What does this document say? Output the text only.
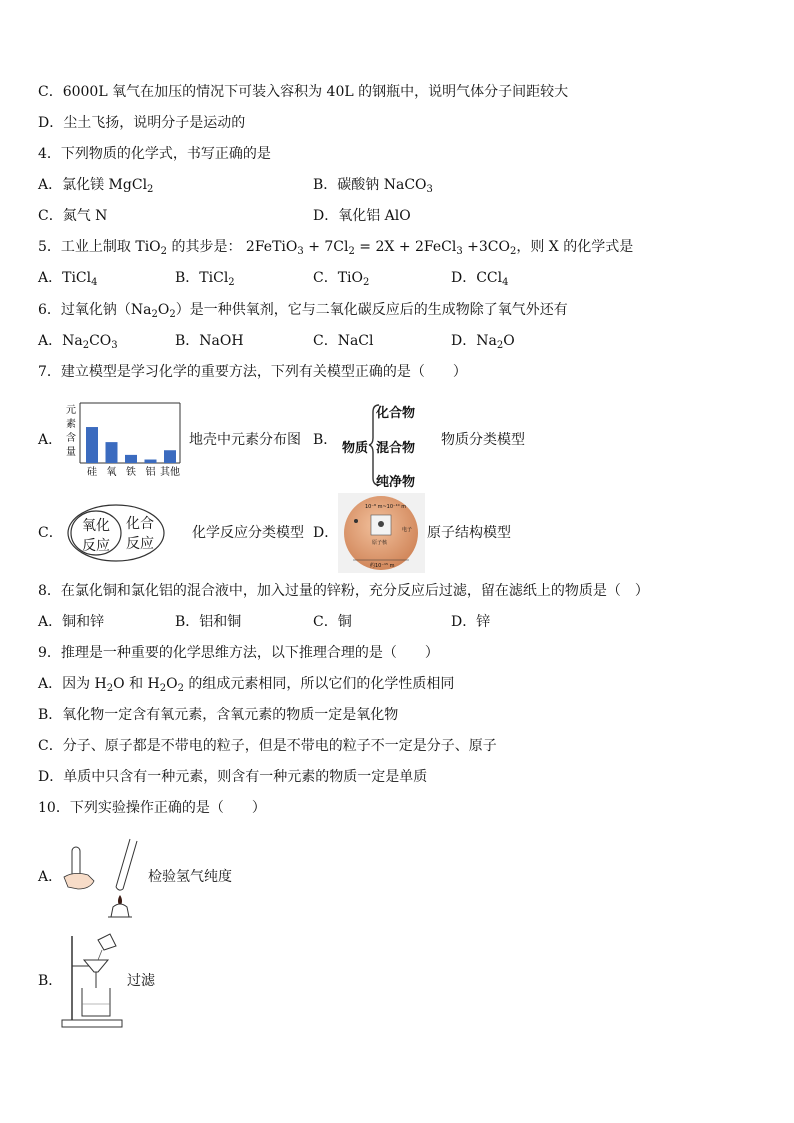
C．6000L 氧气在加压的情况下可装入容积为 40L 的钢瓶中，说明气体分子间距较大
D．尘土飞扬，说明分子是运动的
4．下列物质的化学式，书写正确的是
A．氯化镁 MgCl$_2$	B．碳酸钠 NaCO$_3$
C．氮气 N	D．氧化铝 AlO
5．工业上制取 TiO$_2$ 的其步是： 2FeTiO$_3$ + $7Cl_2 = 2X$ + 2FeCl$_3$ $+3CO_2$，则 X 的化学式是
A．TiCl$_4$	B．TiCl$_2$	C．TiO$_2$	D．CCl$_4$
6．过氧化钠$(Na_2O_2)$是一种供氧剂，它与二氧化碳反应后的生成物除了氧气外还有
A．$Na_2CO_3$	B．NaOH	C．NaCl	D．$Na_2O$
7．建立模型是学习化学的重要方法，下列有关模型正确的是（　　）
A．
元
素
含
量
硅 氧 铁 铝 其他
地壳中元素分布图 B．
物质
化合物
混合物
纯净物
物质分类模型
C． 氧化
反应
化合
反应
化学反应分类模型 D．
10⁻⁸ m~10⁻¹⁰ m
电子
原子核
约10⁻¹⁵ m
原子结构模型
8．在氯化铜和氯化铝的混合液中，加入过量的锌粉，充分反应后过滤，留在滤纸上的物质是（　）
A．铜和锌	B．铝和铜	C．铜	D．锌
9．推理是一种重要的化学思维方法，以下推理合理的是（　　）
A．因为 $H_2O$ 和 $H_2O_2$ 的组成元素相同，所以它们的化学性质相同
B．氧化物一定含有氧元素，含氧元素的物质一定是氧化物
C．分子、原子都是不带电的粒子，但是不带电的粒子不一定是分子、原子
D．单质中只含有一种元素，则含有一种元素的物质一定是单质
10．下列实验操作正确的是（　　）
A．	检验氢气纯度
B．	过滤
